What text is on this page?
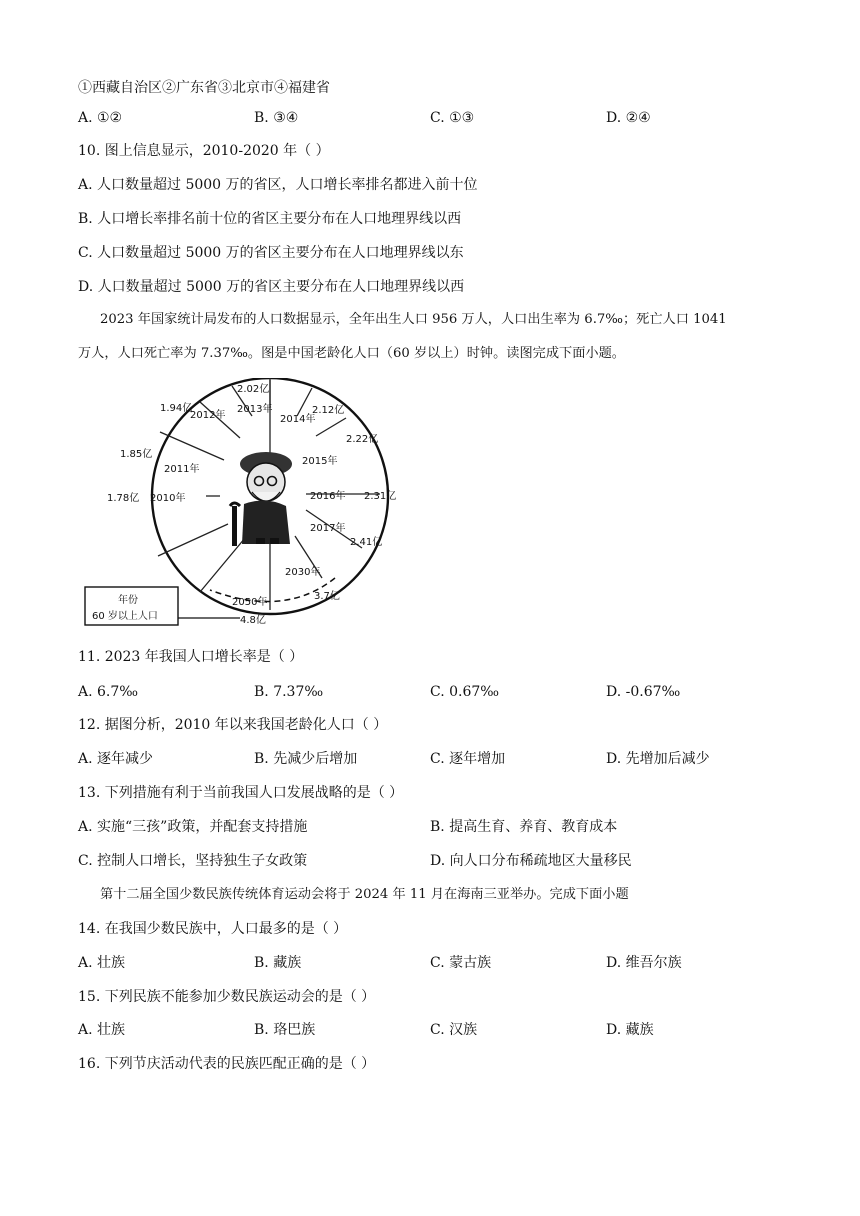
①西藏自治区②广东省③北京市④福建省
A. ①②	B. ③④	C. ①③	D. ②④
10. 图上信息显示，2010-2020 年（ ）
A. 人口数量超过 5000 万的省区，人口增长率排名都进入前十位
B. 人口增长率排名前十位的省区主要分布在人口地理界线以西
C. 人口数量超过 5000 万的省区主要分布在人口地理界线以东
D. 人口数量超过 5000 万的省区主要分布在人口地理界线以西
2023 年国家统计局发布的人口数据显示，全年出生人口 956 万人，人口出生率为 6.7‰；死亡人口 1041
万人，人口死亡率为 7.37‰。图是中国老龄化人口（60 岁以上）时钟。读图完成下面小题。
2013年
2014年
2015年
2016年
2017年
2030年
2050年
2012年
2011年
2010年
2.02亿
2.12亿
2.22亿
2.31亿
2.41亿
3.7亿
4.8亿
1.94亿
1.85亿
1.78亿
年份
60 岁以上人口
11. 2023 年我国人口增长率是（ ）
A. 6.7‰	B. 7.37‰	C. 0.67‰	D. -0.67‰
12. 据图分析，2010 年以来我国老龄化人口（ ）
A. 逐年减少	B. 先减少后增加	C. 逐年增加	D. 先增加后减少
13. 下列措施有利于当前我国人口发展战略的是（ ）
A. 实施“三孩”政策，并配套支持措施	B. 提高生育、养育、教育成本
C. 控制人口增长，坚持独生子女政策	D. 向人口分布稀疏地区大量移民
第十二届全国少数民族传统体育运动会将于 2024 年 11 月在海南三亚举办。完成下面小题
14. 在我国少数民族中，人口最多的是（ ）
A. 壮族	B. 藏族	C. 蒙古族	D. 维吾尔族
15. 下列民族不能参加少数民族运动会的是（ ）
A. 壮族	B. 珞巴族	C. 汉族	D. 藏族
16. 下列节庆活动代表的民族匹配正确的是（ ）
